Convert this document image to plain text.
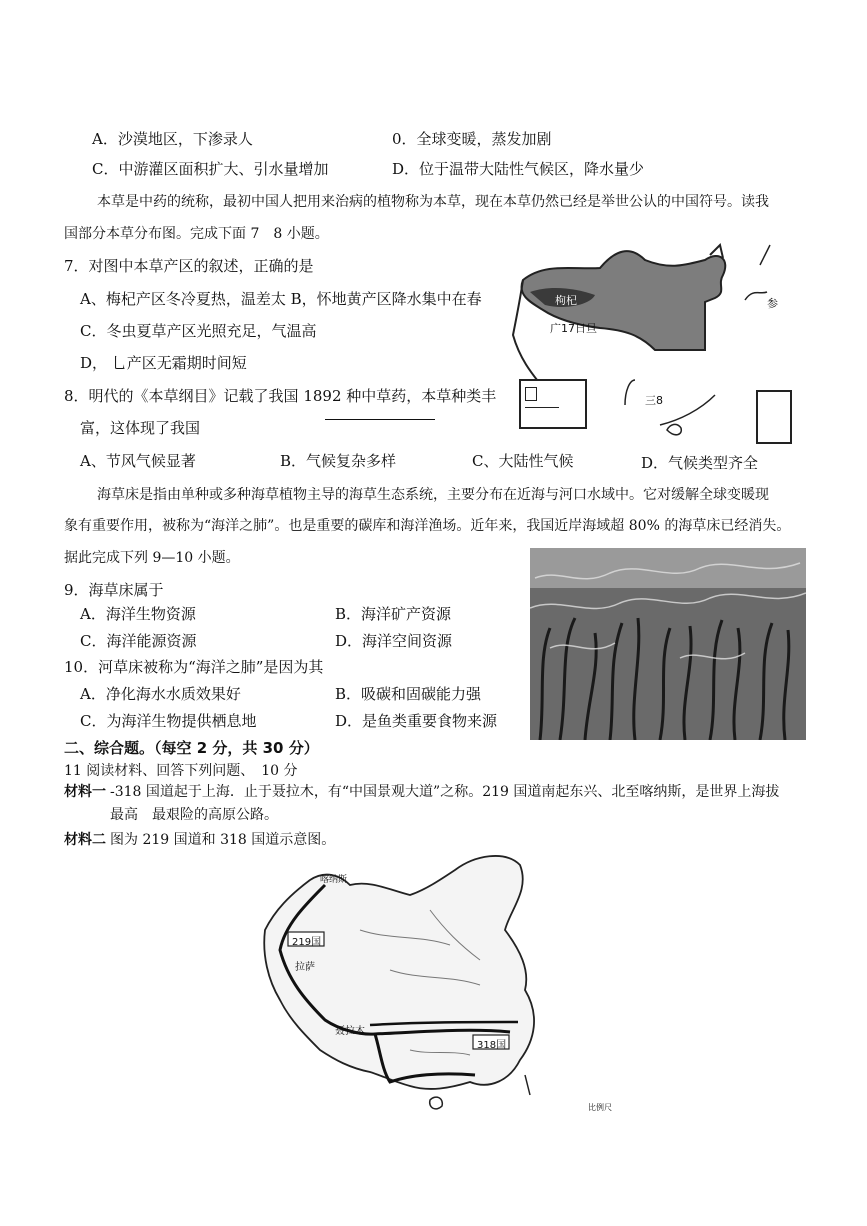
A．沙漠地区，下渗录人	0．全球变暖，蒸发加剧
C．中游灌区面积扩大、引水量增加	D．位于温带大陆性气候区，降水量少
本草是中药的统称，最初中国人把用来治病的植物称为本草，现在本草仍然已经是举世公认的中国符号。读我
国部分本草分布图。完成下面 7　8 小题。
7．对图中本草产区的叙述，正确的是
A、梅杞产区冬冷夏热，温差太 B，怀地黄产区降水集中在春
C．冬虫夏草产区光照充足，气温高
D， 乚产区无霜期时间短
枸杞
广17日旦
参
三8
8．明代的《本草纲目》记载了我国 1892 种中草药，本草种类丰
富，这体现了我国
A、节风气候显著	B．气候复杂多样	C、大陆性气候	D．气候类型齐全
海草床是指由单种或多种海草植物主导的海草生态系统，主要分布在近海与河口水域中。它对缓解全球变暖现
象有重要作用，被称为“海洋之肺”。也是重要的碳库和海洋渔场。近年来，我国近岸海域超 80% 的海草床已经消失。
据此完成下列 9—10 小题。
9．海草床属于
A．海洋生物资源	B．海洋矿产资源
C．海洋能源资源	D．海洋空间资源
10．河草床被称为“海洋之肺”是因为其
A．净化海水水质效果好	B．吸碳和固碳能力强
C．为海洋生物提供栖息地	D．是鱼类重要食物来源
二、综合题。（每空 2 分，共 30 分）
11 阅读材料、回答下列问题、　10 分
材料一 -318 国道起于上海．止于聂拉木，有“中国景观大道”之称。219 国道南起东兴、北至喀纳斯，是世界上海拔
最高　最艰险的高原公路。
材料二 图为 219 国道和 318 国道示意图。
喀纳斯
219国
拉萨
聂拉木
318国
比例尺
